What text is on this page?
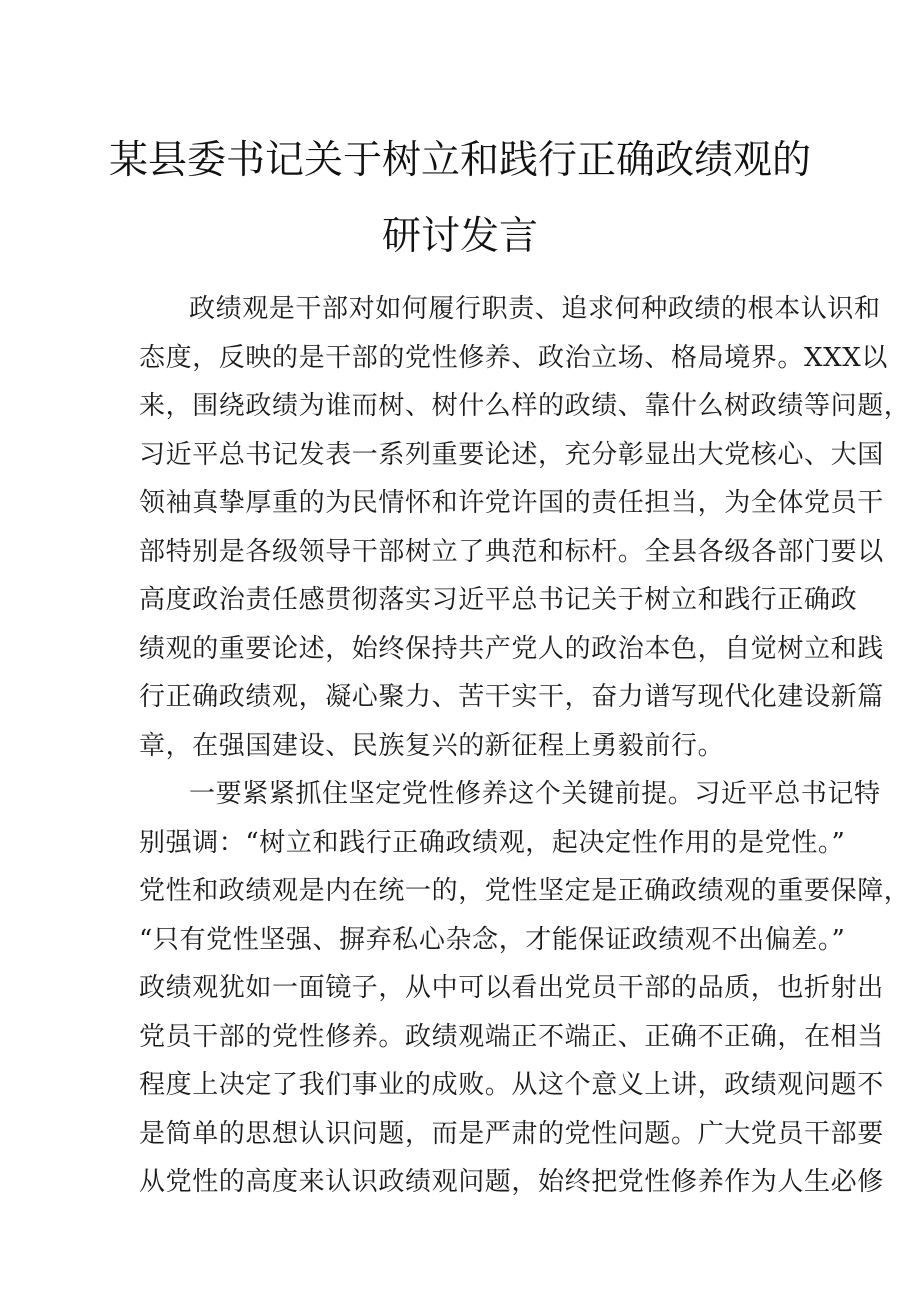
某县委书记关于树立和践行正确政绩观的
研讨发言
政绩观是干部对如何履行职责、追求何种政绩的根本认识和
态度，反映的是干部的党性修养、政治立场、格局境界。XXX以
来，围绕政绩为谁而树、树什么样的政绩、靠什么树政绩等问题，
习近平总书记发表一系列重要论述，充分彰显出大党核心、大国
领袖真挚厚重的为民情怀和许党许国的责任担当，为全体党员干
部特别是各级领导干部树立了典范和标杆。全县各级各部门要以
高度政治责任感贯彻落实习近平总书记关于树立和践行正确政
绩观的重要论述，始终保持共产党人的政治本色，自觉树立和践
行正确政绩观，凝心聚力、苦干实干，奋力谱写现代化建设新篇
章，在强国建设、民族复兴的新征程上勇毅前行。
一要紧紧抓住坚定党性修养这个关键前提。习近平总书记特
别强调：“树立和践行正确政绩观，起决定性作用的是党性。”
党性和政绩观是内在统一的，党性坚定是正确政绩观的重要保障，
“只有党性坚强、摒弃私心杂念，才能保证政绩观不出偏差。”
政绩观犹如一面镜子，从中可以看出党员干部的品质，也折射出
党员干部的党性修养。政绩观端正不端正、正确不正确，在相当
程度上决定了我们事业的成败。从这个意义上讲，政绩观问题不
是简单的思想认识问题，而是严肃的党性问题。广大党员干部要
从党性的高度来认识政绩观问题，始终把党性修养作为人生必修
